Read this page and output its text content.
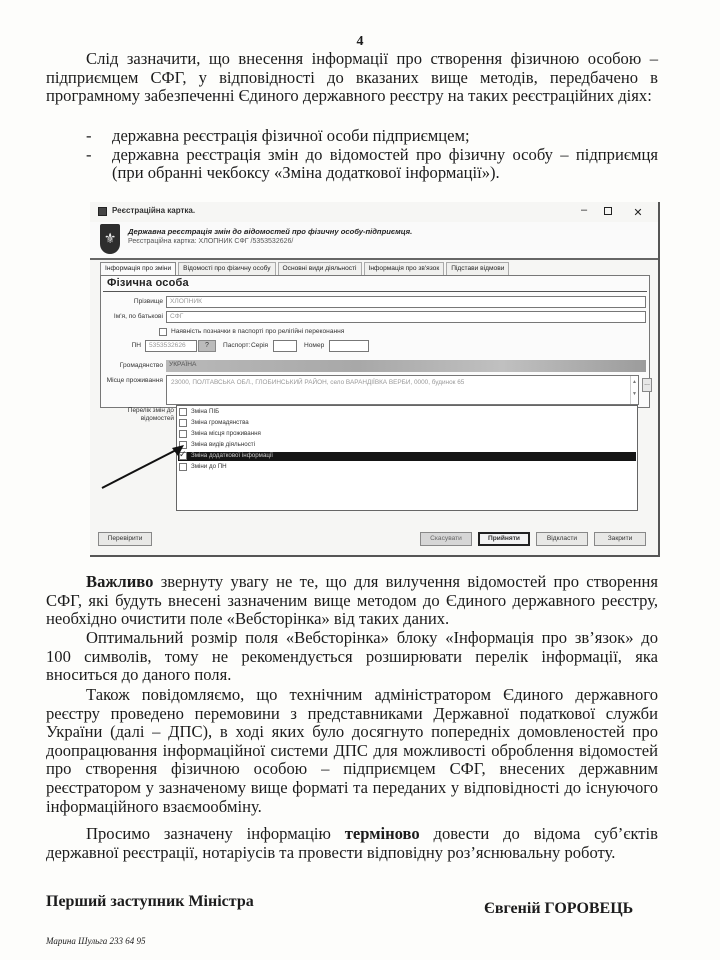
4

Слід зазначити, що внесення інформації про створення фізичною особою – підприємцем СФГ, у відповідності до вказаних вище методів, передбачено в програмному забезпеченні Єдиного державного реєстру на таких реєстраційних діях:

- державна реєстрація фізичної особи підприємцем;
- державна реєстрація змін до відомостей про фізичну особу – підприємця (при обранні чекбоксу «Зміна додаткової інформації»).
Реєстраційна картка.	–	✕
⚜	Державна реєстрація змін до відомостей про фізичну особу-підприємця.
Реєстраційна картка: ХЛОПНИК СФГ /5353532626/
Інформація про зміни	Відомості про фізичну особу	Основні види діяльності	Інформація про зв'язок	Підстави відмови
Фізична особа
Прізвище	ХЛОПНИК
Ім'я, по батькові	СФГ
Наявність позначки в паспорті про релігійні переконання
ПН	5353532626	?	Паспорт: Серія	Номер
Громадянство УКРАЇНА
Місце проживання	23000, ПОЛТАВСЬКА ОБЛ., ГЛОБИНСЬКИЙ РАЙОН, село ВАРАНДІЇВКА ВЕРБИ, 0000, будинок 65	▲
▼
...
Перелік змін до відомостей
Зміна ПІБ
Зміна громадянства
Зміна місця проживання
Зміна видів діяльності
✓ Зміна додаткової інформації
Зміни до ПН
Перевірити	Скасувати	Прийняти	Відкласти	Закрити

Важливо звернуту увагу не те, що для вилучення відомостей про створення СФГ, які будуть внесені зазначеним вище методом до Єдиного державного реєстру, необхідно очистити поле «Вебсторінка» від таких даних.

Оптимальний розмір поля «Вебсторінка» блоку «Інформація про зв’язок» до 100 символів, тому не рекомендується розширювати перелік інформації, яка вноситься до даного поля.

Також повідомляємо, що технічним адміністратором Єдиного державного реєстру проведено перемовини з представниками Державної податкової служби України (далі – ДПС), в ході яких було досягнуто попередніх домовленостей про доопрацювання інформаційної системи ДПС для можливості оброблення відомостей про створення фізичною особою – підприємцем СФГ, внесених державним реєстратором у зазначеному вище форматі та переданих у відповідності до існуючого інформаційного взаємообміну.

Просимо зазначену інформацію терміново довести до відома суб’єктів державної реєстрації, нотаріусів та провести відповідну роз’яснювальну роботу.

Перший заступник Міністра	Євгеній ГОРОВЕЦЬ
Марина Шульга 233 64 95
